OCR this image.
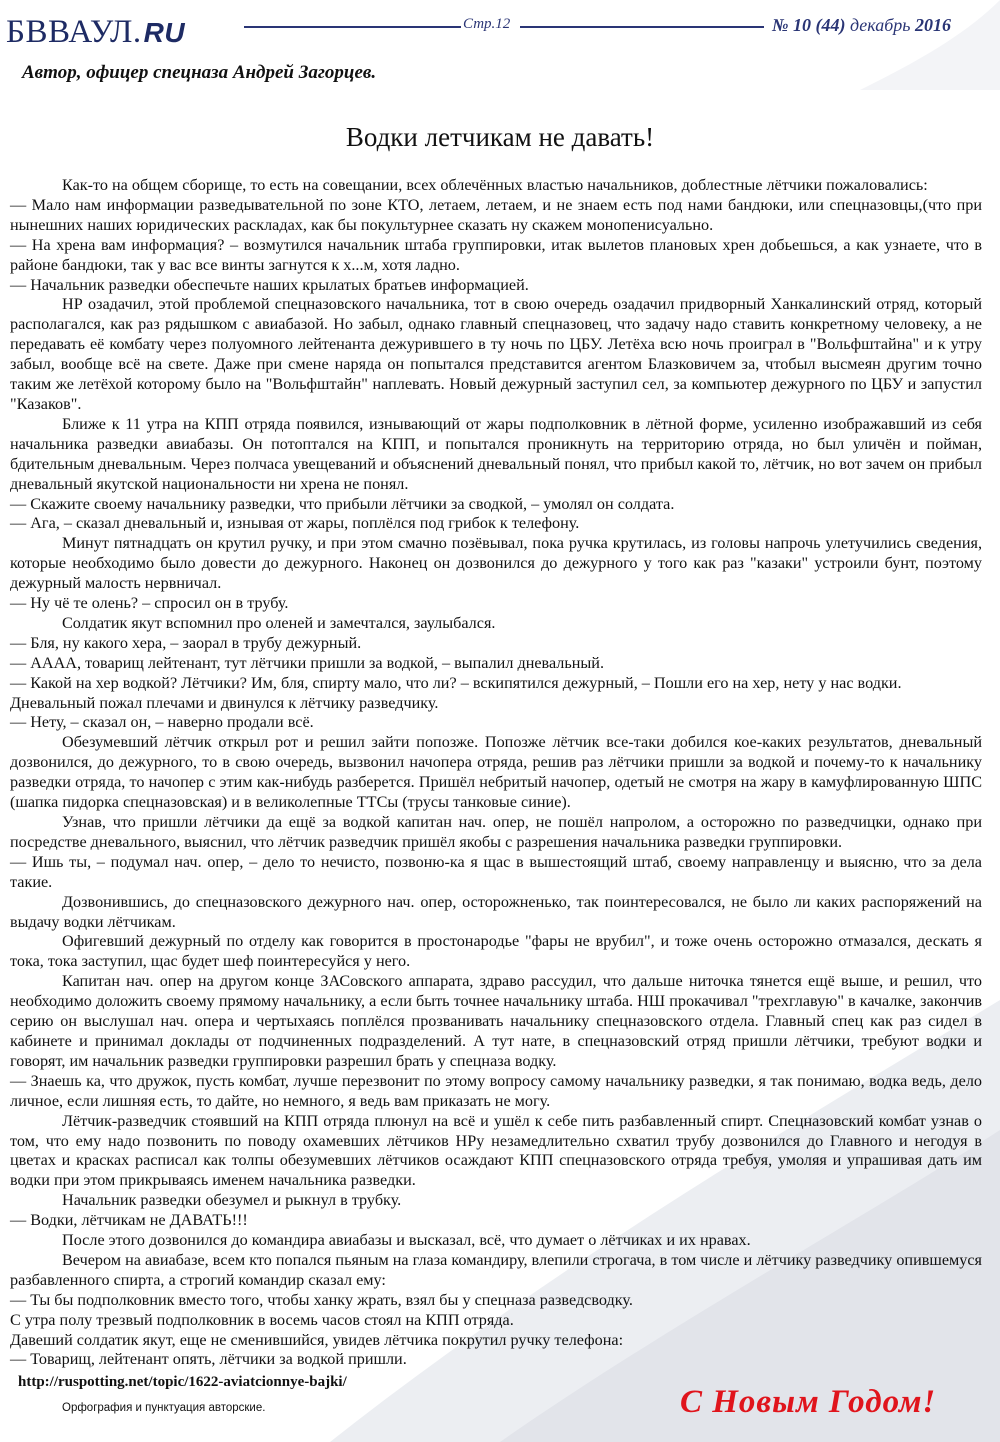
БВВАУЛ.RU	Стр.12	№ 10 (44) декабрь 2016
Автор, офицер спецназа Андрей Загорцев.
Водки летчикам не давать!

Как-то на общем сборище, то есть на совещании, всех облечённых властью начальников, доблестные лётчики пожаловались:

— Мало нам информации разведывательной по зоне КТО, летаем, летаем, и не знаем есть под нами бандюки, или спецназовцы,(что при нынешних наших юридических раскладах, как бы покультурнее сказать ну скажем монопенисуально.

— На хрена вам информация? – возмутился начальник штаба группировки, итак вылетов плановых хрен добьешься, а как узнаете, что в районе бандюки, так у вас все винты загнутся к х...м, хотя ладно.

— Начальник разведки обеспечьте наших крылатых братьев информацией.

НР озадачил, этой проблемой спецназовского начальника, тот в свою очередь озадачил придворный Ханкалинский отряд, который располагался, как раз рядышком с авиабазой. Но забыл, однако главный спецназовец, что задачу надо ставить конкретному человеку, а не передавать её комбату через полуомного лейтенанта дежурившего в ту ночь по ЦБУ. Летёха всю ночь проиграл в "Вольфштайна" и к утру забыл, вообще всё на свете. Даже при смене наряда он попытался представится агентом Блазковичем за, чтобыл высмеян другим точно таким же летёхой которому было на "Вольфштайн" наплевать. Новый дежурный заступил сел, за компьютер дежурного по ЦБУ и запустил "Казаков".

Ближе к 11 утра на КПП отряда появился, изнывающий от жары подполковник в лётной форме, усиленно изображавший из себя начальника разведки авиабазы. Он потоптался на КПП, и попытался проникнуть на территорию отряда, но был уличён и пойман, бдительным дневальным. Через полчаса увещеваний и объяснений дневальный понял, что прибыл какой то, лётчик, но вот зачем он прибыл дневальный якутской национальности ни хрена не понял.

— Скажите своему начальнику разведки, что прибыли лётчики за сводкой, – умолял он солдата.

— Ага, – сказал дневальный и, изнывая от жары, поплёлся под грибок к телефону.

Минут пятнадцать он крутил ручку, и при этом смачно позёвывал, пока ручка крутилась, из головы напрочь улетучились сведения, которые необходимо было довести до дежурного. Наконец он дозвонился до дежурного у того как раз "казаки" устроили бунт, поэтому дежурный малость нервничал.

— Ну чё те олень? – спросил он в трубу.

Солдатик якут вспомнил про оленей и замечтался, заулыбался.

— Бля, ну какого хера, – заорал в трубу дежурный.

— АААА, товарищ лейтенант, тут лётчики пришли за водкой, – выпалил дневальный.

— Какой на хер водкой? Лётчики? Им, бля, спирту мало, что ли? – вскипятился дежурный, – Пошли его на хер, нету у нас водки.

Дневальный пожал плечами и двинулся к лётчику разведчику.

— Нету, – сказал он, – наверно продали всё.

Обезумевший лётчик открыл рот и решил зайти попозже. Попозже лётчик все-таки добился кое-каких результатов, дневальный дозвонился, до дежурного, то в свою очередь, вызвонил начопера отряда, решив раз лётчики пришли за водкой и почему-то к начальнику разведки отряда, то начопер с этим как-нибудь разберется. Пришёл небритый начопер, одетый не смотря на жару в камуфлированную ШПС (шапка пидорка спецназовская) и в великолепные ТТСы (трусы танковые синие).

Узнав, что пришли лётчики да ещё за водкой капитан нач. опер, не пошёл напролом, а осторожно по разведчицки, однако при посредстве дневального, выяснил, что лётчик разведчик пришёл якобы с разрешения начальника разведки группировки.

— Ишь ты, – подумал нач. опер, – дело то нечисто, позвоню-ка я щас в вышестоящий штаб, своему направленцу и выясню, что за дела такие.

Дозвонившись, до спецназовского дежурного нач. опер, осторожненько, так поинтересовался, не было ли каких распоряжений на выдачу водки лётчикам.

Офигевший дежурный по отделу как говорится в простонародье "фары не врубил", и тоже очень осторожно отмазался, дескать я тока, тока заступил, щас будет шеф поинтересуйся у него.

Капитан нач. опер на другом конце ЗАСовского аппарата, здраво рассудил, что дальше ниточка тянется ещё выше, и решил, что необходимо доложить своему прямому начальнику, а если быть точнее начальнику штаба. НШ прокачивал "трехглавую" в качалке, закончив серию он выслушал нач. опера и чертыхаясь поплёлся прозванивать начальнику спецназовского отдела. Главный спец как раз сидел в кабинете и принимал доклады от подчиненных подразделений. А тут нате, в спецназовский отряд пришли лётчики, требуют водки и говорят, им начальник разведки группировки разрешил брать у спецназа водку.

— Знаешь ка, что дружок, пусть комбат, лучше перезвонит по этому вопросу самому начальнику разведки, я так понимаю, водка ведь, дело личное, если лишняя есть, то дайте, но немного, я ведь вам приказать не могу.

Лётчик-разведчик стоявший на КПП отряда плюнул на всё и ушёл к себе пить разбавленный спирт. Спецназовский комбат узнав о том, что ему надо позвонить по поводу охамевших лётчиков НРу незамедлительно схватил трубу дозвонился до Главного и негодуя в цветах и красках расписал как толпы обезумевших лётчиков осаждают КПП спецназовского отряда требуя, умоляя и упрашивая дать им водки при этом прикрываясь именем начальника разведки.

Начальник разведки обезумел и рыкнул в трубку.

— Водки, лётчикам не ДАВАТЬ!!!

После этого дозвонился до командира авиабазы и высказал, всё, что думает о лётчиках и их нравах.

Вечером на авиабазе, всем кто попался пьяным на глаза командиру, влепили строгача, в том числе и лётчику разведчику опившемуся разбавленного спирта, а строгий командир сказал ему:

— Ты бы подполковник вместо того, чтобы ханку жрать, взял бы у спецназа разведсводку.

С утра полу трезвый подполковник в восемь часов стоял на КПП отряда.

Давеший солдатик якут, еще не сменившийся, увидев лётчика покрутил ручку телефона:

— Товарищ, лейтенант опять, лётчики за водкой пришли.

http://ruspotting.net/topic/1622-aviatcionnye-bajki/
Орфография и пунктуация авторские.	С Новым Годом!
